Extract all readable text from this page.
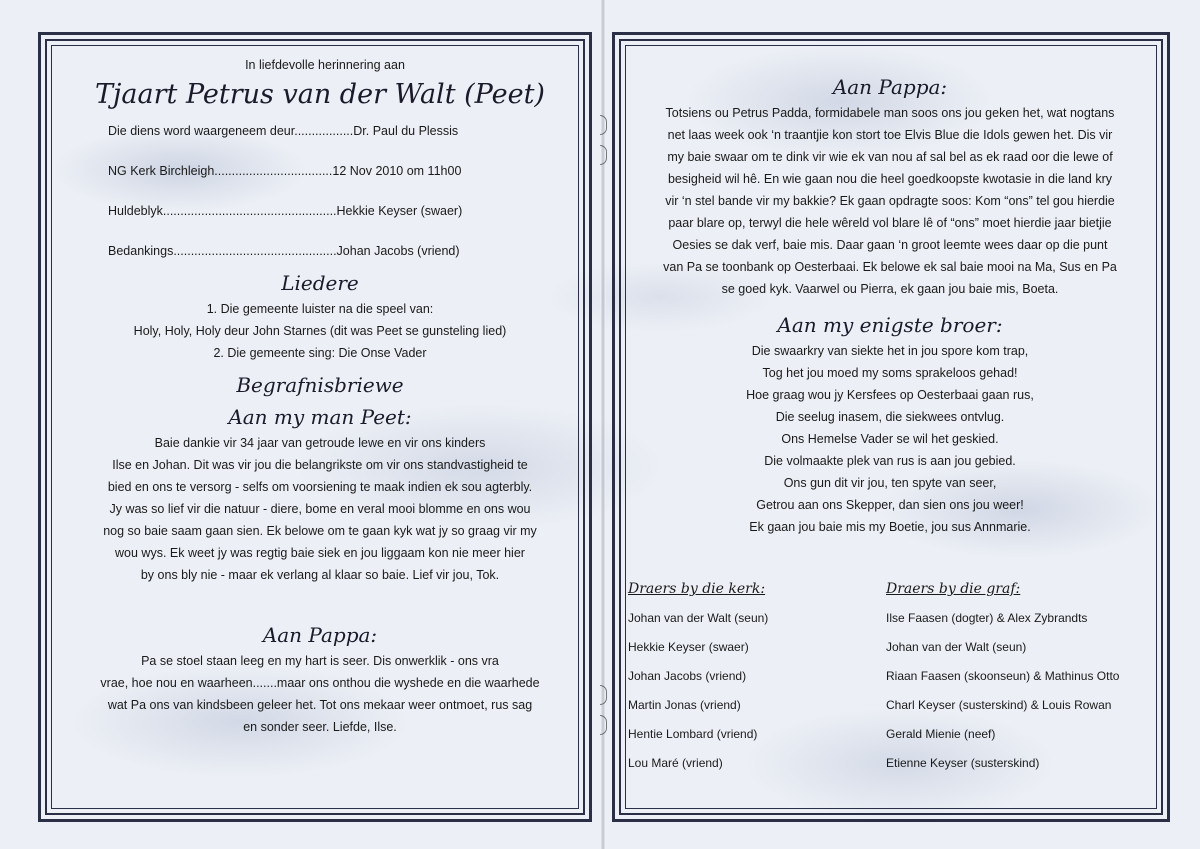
In liefdevolle herinnering aan
Tjaart Petrus van der Walt (Peet)
Die diens word waargeneem deur.................Dr. Paul du Plessis
NG Kerk Birchleigh..................................12 Nov 2010 om 11h00
Huldeblyk..................................................Hekkie Keyser (swaer)
Bedankings...............................................Johan Jacobs (vriend)
Liedere
1. Die gemeente luister na die speel van:
Holy, Holy, Holy deur John Starnes (dit was Peet se gunsteling lied)
2. Die gemeente sing: Die Onse Vader
Begrafnisbriewe
Aan my man Peet:
Baie dankie vir 34 jaar van getroude lewe en vir ons kinders
Ilse en Johan. Dit was vir jou die belangrikste om vir ons standvastigheid te
bied en ons te versorg - selfs om voorsiening te maak indien ek sou agterbly.
Jy was so lief vir die natuur - diere, bome en veral mooi blomme en ons wou
nog so baie saam gaan sien. Ek belowe om te gaan kyk wat jy so graag vir my
wou wys. Ek weet jy was regtig baie siek en jou liggaam kon nie meer hier
by ons bly nie - maar ek verlang al klaar so baie. Lief vir jou, Tok.
Aan Pappa:
Pa se stoel staan leeg en my hart is seer. Dis onwerklik - ons vra
vrae, hoe nou en waarheen.......maar ons onthou die wyshede en die waarhede
wat Pa ons van kindsbeen geleer het. Tot ons mekaar weer ontmoet, rus sag
en sonder seer. Liefde, Ilse.
Aan Pappa:
Totsiens ou Petrus Padda, formidabele man soos ons jou geken het, wat nogtans
net laas week ook ‘n traantjie kon stort toe Elvis Blue die Idols gewen het. Dis vir
my baie swaar om te dink vir wie ek van nou af sal bel as ek raad oor die lewe of
besigheid wil hê. En wie gaan nou die heel goedkoopste kwotasie in die land kry
vir ‘n stel bande vir my bakkie? Ek gaan opdragte soos: Kom “ons” tel gou hierdie
paar blare op, terwyl die hele wêreld vol blare lê of “ons” moet hierdie jaar bietjie
Oesies se dak verf, baie mis. Daar gaan ‘n groot leemte wees daar op die punt
van Pa se toonbank op Oesterbaai. Ek belowe ek sal baie mooi na Ma, Sus en Pa
se goed kyk. Vaarwel ou Pierra, ek gaan jou baie mis, Boeta.
Aan my enigste broer:
Die swaarkry van siekte het in jou spore kom trap,
Tog het jou moed my soms sprakeloos gehad!
Hoe graag wou jy Kersfees op Oesterbaai gaan rus,
Die seelug inasem, die siekwees ontvlug.
Ons Hemelse Vader se wil het geskied.
Die volmaakte plek van rus is aan jou gebied.
Ons gun dit vir jou, ten spyte van seer,
Getrou aan ons Skepper, dan sien ons jou weer!
Ek gaan jou baie mis my Boetie, jou sus Annmarie.
Draers by die kerk:
Johan van der Walt (seun)
Hekkie Keyser (swaer)
Johan Jacobs (vriend)
Martin Jonas (vriend)
Hentie Lombard (vriend)
Lou Maré (vriend)
Draers by die graf:
Ilse Faasen (dogter) & Alex Zybrandts
Johan van der Walt (seun)
Riaan Faasen (skoonseun) & Mathinus Otto
Charl Keyser (susterskind) & Louis Rowan
Gerald Mienie (neef)
Etienne Keyser (susterskind)
